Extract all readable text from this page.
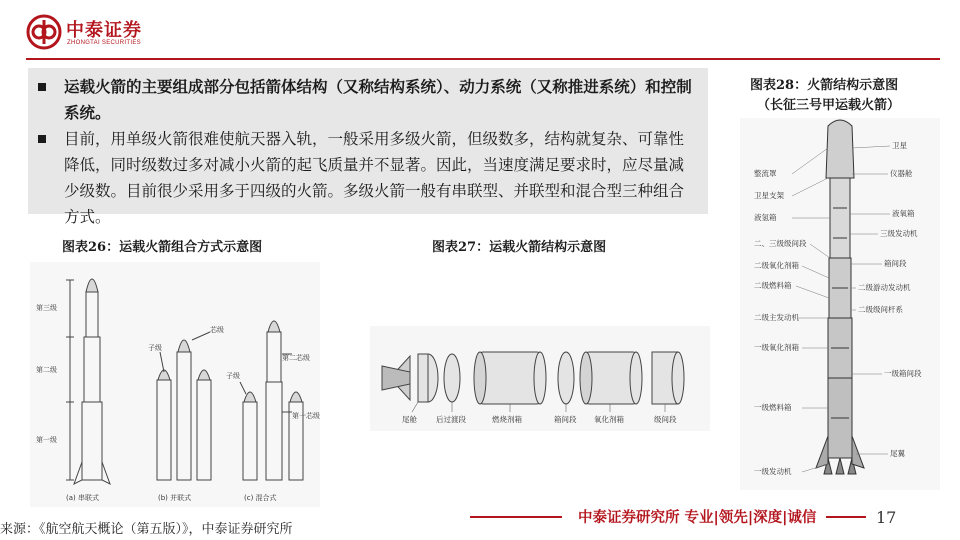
中泰证券
ZHONGTAI SECURITIES
运载火箭的主要组成部分包括箭体结构（又称结构系统）、动力系统（又称推进系统）和控制系统。
目前，用单级火箭很难使航天器入轨，一般采用多级火箭，但级数多，结构就复杂、可靠性降低，同时级数过多对减小火箭的起飞质量并不显著。因此，当速度满足要求时，应尽量减少级数。目前很少采用多于四级的火箭。多级火箭一般有串联型、并联型和混合型三种组合方式。
图表26：运载火箭组合方式示意图	图表27：运载火箭结构示意图
图表28：火箭结构示意图
（长征三号甲运载火箭）
第三级
第二级
第一级
子级
芯级
子级
第二芯级
第一芯级
(a) 串联式	(b) 并联式	(c) 混合式
尾舱	后过渡段	燃烧剂箱	箱间段 氧化剂箱	级间段
整流罩
卫星支架
液氢箱
二、三级级间段
二级氧化剂箱
二级燃料箱
二级主发动机
一级氧化剂箱
一级燃料箱
一级发动机
卫星
仪器舱
液氧箱
三级发动机
箱间段
二级游动发动机
二级级间杆系
一级箱间段
尾翼
中泰证券研究所 专业|领先|深度|诚信	17
来源：《航空航天概论（第五版）》，中泰证券研究所
